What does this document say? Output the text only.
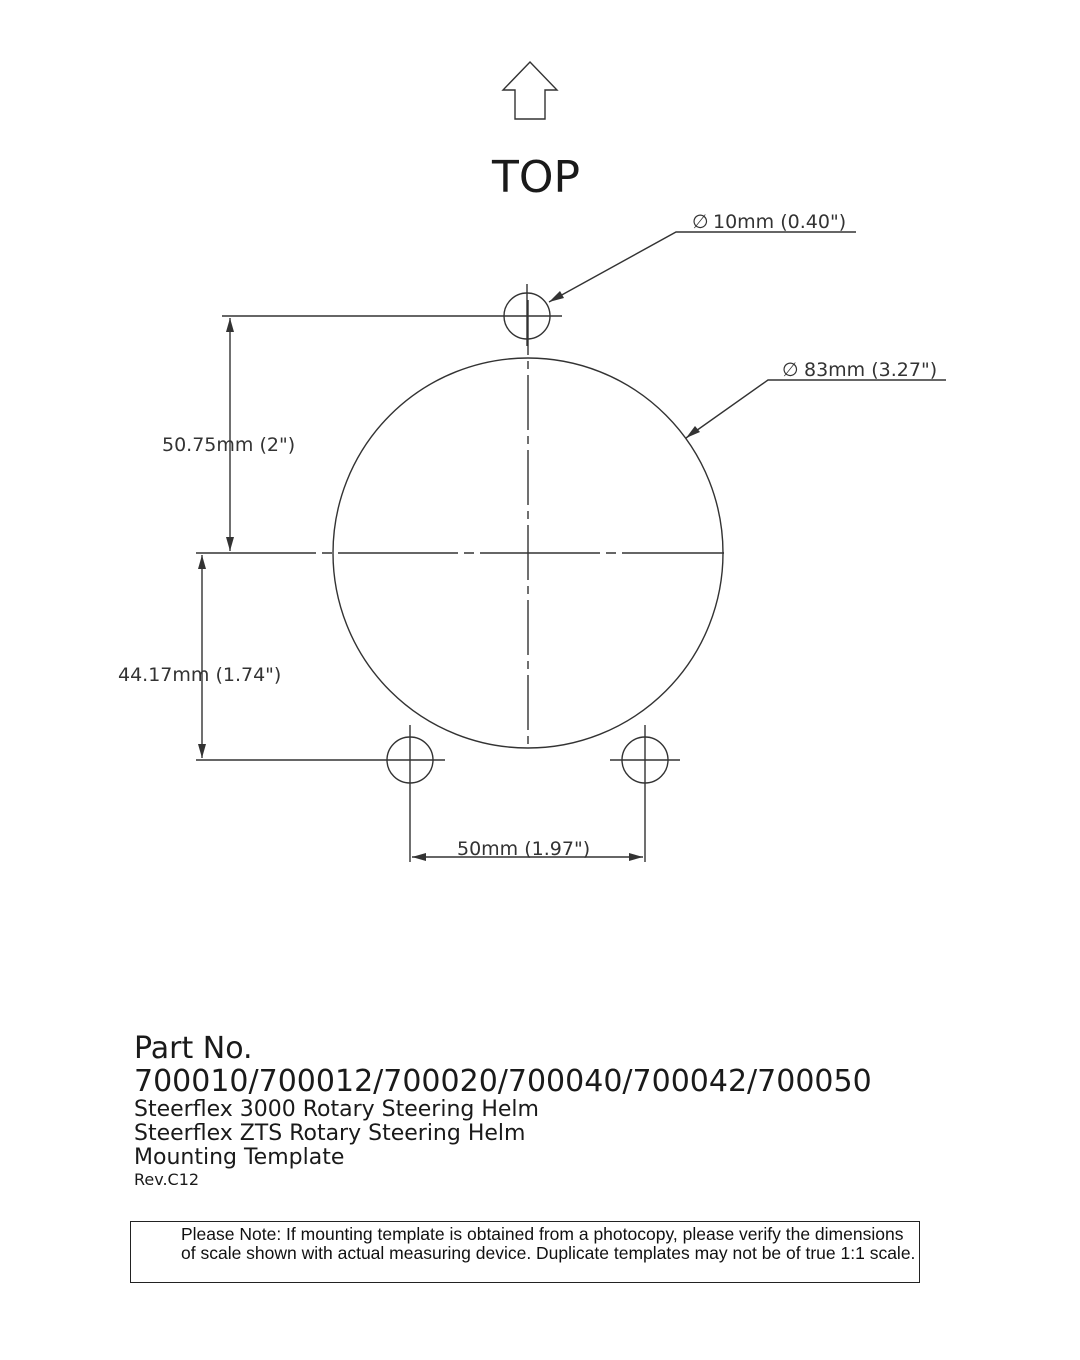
TOP
∅ 10mm (0.40")
∅ 83mm (3.27")
50.75mm (2")
44.17mm (1.74")
50mm (1.97")
Part No.
700010/700012/700020/700040/700042/700050
Steerflex 3000 Rotary Steering Helm
Steerflex ZTS Rotary Steering Helm
Mounting Template
Rev.C12
Please Note: If mounting template is obtained from a photocopy, please verify the dimensions of scale shown with actual measuring device. Duplicate templates may not be of true 1:1 scale.
